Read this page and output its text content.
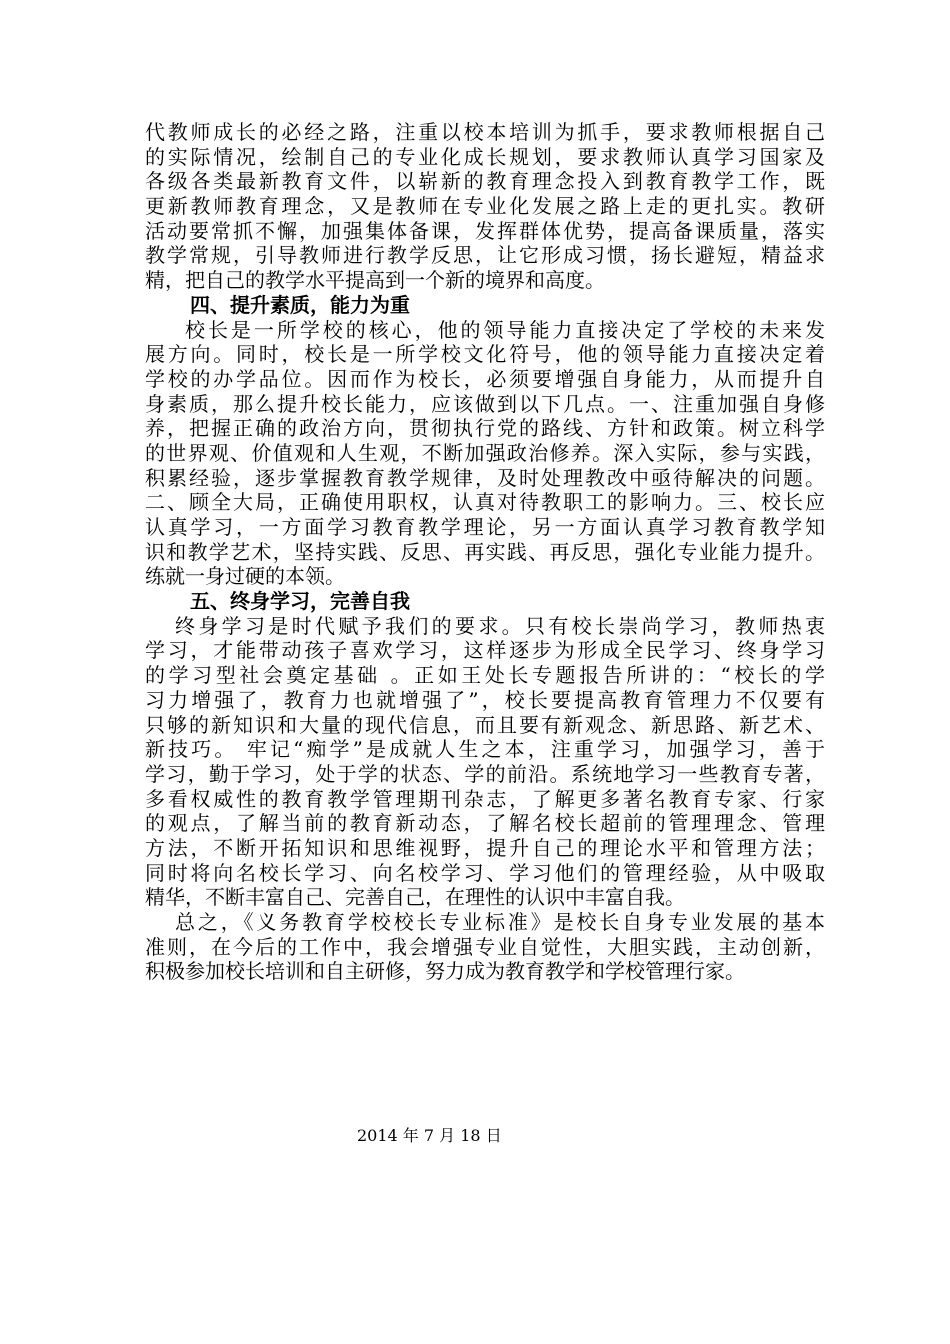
代教师成长的必经之路，注重以校本培训为抓手，要求教师根据自己
的实际情况，绘制自己的专业化成长规划，要求教师认真学习国家及
各级各类最新教育文件，以崭新的教育理念投入到教育教学工作，既
更新教师教育理念，又是教师在专业化发展之路上走的更扎实。教研
活动要常抓不懈，加强集体备课，发挥群体优势，提高备课质量，落实
教学常规，引导教师进行教学反思，让它形成习惯，扬长避短，精益求
精，把自己的教学水平提高到一个新的境界和高度。
四、提升素质，能力为重
校长是一所学校的核心，他的领导能力直接决定了学校的未来发
展方向。同时，校长是一所学校文化符号，他的领导能力直接决定着
学校的办学品位。因而作为校长，必须要增强自身能力，从而提升自
身素质，那么提升校长能力，应该做到以下几点。一、注重加强自身修
养，把握正确的政治方向，贯彻执行党的路线、方针和政策。树立科学
的世界观、价值观和人生观，不断加强政治修养。深入实际，参与实践，
积累经验，逐步掌握教育教学规律，及时处理教改中亟待解决的问题。
二、顾全大局，正确使用职权，认真对待教职工的影响力。三、校长应
认真学习，一方面学习教育教学理论，另一方面认真学习教育教学知
识和教学艺术，坚持实践、反思、再实践、再反思，强化专业能力提升。
练就一身过硬的本领。
五、终身学习，完善自我
终身学习是时代赋予我们的要求。只有校长崇尚学习，教师热衷
学习，才能带动孩子喜欢学习，这样逐步为形成全民学习、终身学习
的学习型社会奠定基础 。正如王处长专题报告所讲的：“校长的学
习力增强了，教育力也就增强了”，校长要提高教育管理力不仅要有
只够的新知识和大量的现代信息，而且要有新观念、新思路、新艺术、
新技巧。 牢记“痴学”是成就人生之本，注重学习，加强学习，善于
学习，勤于学习，处于学的状态、学的前沿。系统地学习一些教育专著，
多看权威性的教育教学管理期刊杂志，了解更多著名教育专家、行家
的观点，了解当前的教育新动态，了解名校长超前的管理理念、管理
方法，不断开拓知识和思维视野，提升自己的理论水平和管理方法；
同时将向名校长学习、向名校学习、学习他们的管理经验，从中吸取
精华，不断丰富自己、完善自己，在理性的认识中丰富自我。
总之，《义务教育学校校长专业标准》是校长自身专业发展的基本
准则，在今后的工作中，我会增强专业自觉性，大胆实践，主动创新，
积极参加校长培训和自主研修，努力成为教育教学和学校管理行家。
2014 年 7 月 18 日
